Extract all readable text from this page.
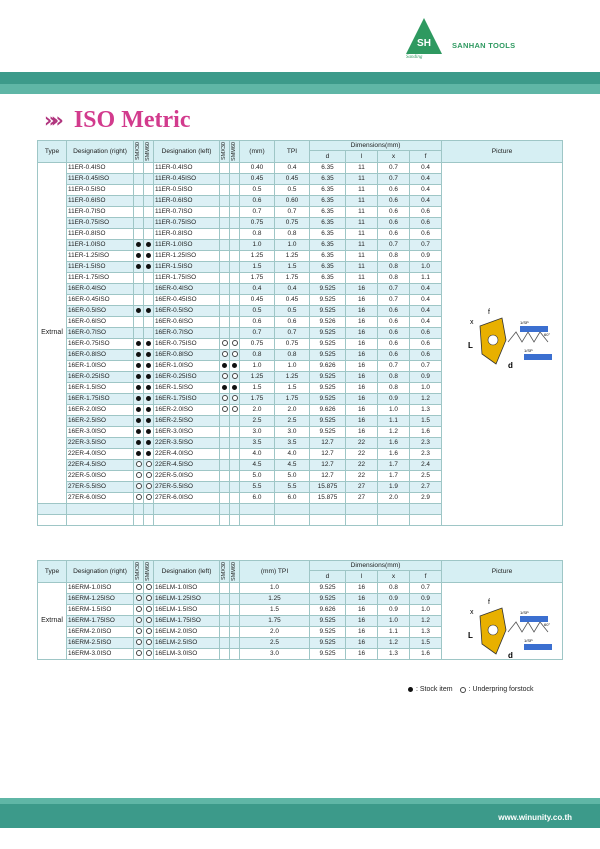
SH
Sanding
SANHAN TOOLS
»» ISO Metric
Type	Designation (right)	SMX30	SMM60	Designation (left)	SMX30	SMM60	(mm)	TPI	Dimensions(mm)				Picture
									d	l	x	f	
Extrnal	11ER-0.4ISO			11ER-0.4ISO			0.40	0.4	6.35	11	0.7	0.4	
	11ER-0.45ISO			11ER-0.45ISO			0.45	0.45	6.35	11	0.7	0.4	
	11ER-0.5ISO			11ER-0.5ISO			0.5	0.5	6.35	11	0.6	0.4	
	11ER-0.6ISO			11ER-0.6ISO			0.6	0.60	6.35	11	0.6	0.4	
	11ER-0.7ISO			11ER-0.7ISO			0.7	0.7	6.35	11	0.6	0.6	
	11ER-0.75ISO			11ER-0.75ISO			0.75	0.75	6.35	11	0.6	0.6	
	11ER-0.8ISO			11ER-0.8ISO			0.8	0.8	6.35	11	0.6	0.6	
	11ER-1.0ISO			11ER-1.0ISO			1.0	1.0	6.35	11	0.7	0.7	
	11ER-1.25ISO			11ER-1.25ISO			1.25	1.25	6.35	11	0.8	0.9	
	11ER-1.5ISO			11ER-1.5ISO			1.5	1.5	6.35	11	0.8	1.0	
	11ER-1.75ISO			11ER-1.75ISO			1.75	1.75	6.35	11	0.8	1.1	
	16ER-0.4ISO			16ER-0.4ISO			0.4	0.4	9.525	16	0.7	0.4	
	16ER-0.45ISO			16ER-0.45ISO			0.45	0.45	9.525	16	0.7	0.4	
	16ER-0.5ISO			16ER-0.5ISO			0.5	0.5	9.525	16	0.6	0.4	
	16ER-0.6ISO			16ER-0.6ISO			0.6	0.6	9.526	16	0.6	0.4	
	16ER-0.7ISO			16ER-0.7ISO			0.7	0.7	9.525	16	0.6	0.6	
	16ER-0.75ISO			16ER-0.75ISO			0.75	0.75	9.525	16	0.6	0.6	
	16ER-0.8ISO			16ER-0.8ISO			0.8	0.8	9.525	16	0.6	0.6	
	16ER-1.0ISO			16ER-1.0ISO			1.0	1.0	9.626	16	0.7	0.7	
	16ER-0.25ISO			16ER-0.25ISO			1.25	1.25	9.525	16	0.8	0.9	
	16ER-1.5ISO			16ER-1.5ISO			1.5	1.5	9.525	16	0.8	1.0	
	16ER-1.75ISO			16ER-1.75ISO			1.75	1.75	9.525	16	0.9	1.2	
	16ER-2.0ISO			16ER-2.0ISO			2.0	2.0	9.626	16	1.0	1.3	
	16ER-2.5ISO			16ER-2.5ISO			2.5	2.5	9.525	16	1.1	1.5	
	16ER-3.0ISO			16ER-3.0ISO			3.0	3.0	9.525	16	1.2	1.6	
	22ER-3.5ISO			22ER-3.5ISO			3.5	3.5	12.7	22	1.6	2.3	
	22ER-4.0ISO			22ER-4.0ISO			4.0	4.0	12.7	22	1.6	2.3	
	22ER-4.5ISO			22ER-4.5ISO			4.5	4.5	12.7	22	1.7	2.4	
	22ER-5.0ISO			22ER-5.0ISO			5.0	5.0	12.7	22	1.7	2.5	
	27ER-5.5ISO			27ER-5.5ISO			5.5	5.5	15.875	27	1.9	2.7	
	27ER-6.0ISO			27ER-6.0ISO			6.0	6.0	15.875	27	2.0	2.9	

Type	Designation (right)	SMX30	SMM60	Designation (left)	SMX30	SMM60	(mm) TPI	Dimensions(mm)				Picture
								d	l	x	f	
Extrnal	16ERM-1.0ISO			16ELM-1.0ISO			1.0	9.525	16	0.8	0.7	
	16ERM-1.25ISO			16ELM-1.25ISO			1.25	9.525	16	0.9	0.9	
	16ERM-1.5ISO			16ELM-1.5ISO			1.5	9.626	16	0.9	1.0	
	16ERM-1.75ISO			16ELM-1.75ISO			1.75	9.525	16	1.0	1.2	
	16ERM-2.0ISO			16ELM-2.0ISO			2.0	9.525	16	1.1	1.3	
	16ERM-2.5ISO			16ELM-2.5ISO			2.5	9.525	16	1.2	1.5	
	16ERM-3.0ISO			16ELM-3.0ISO			3.0	9.525	16	1.3	1.6	
x
f
L
d
1/SP
1/SP
60°
x
f
L
d
1/SP
1/SP
60°
: Stock item : Underpring forstock
www.winunity.co.th
